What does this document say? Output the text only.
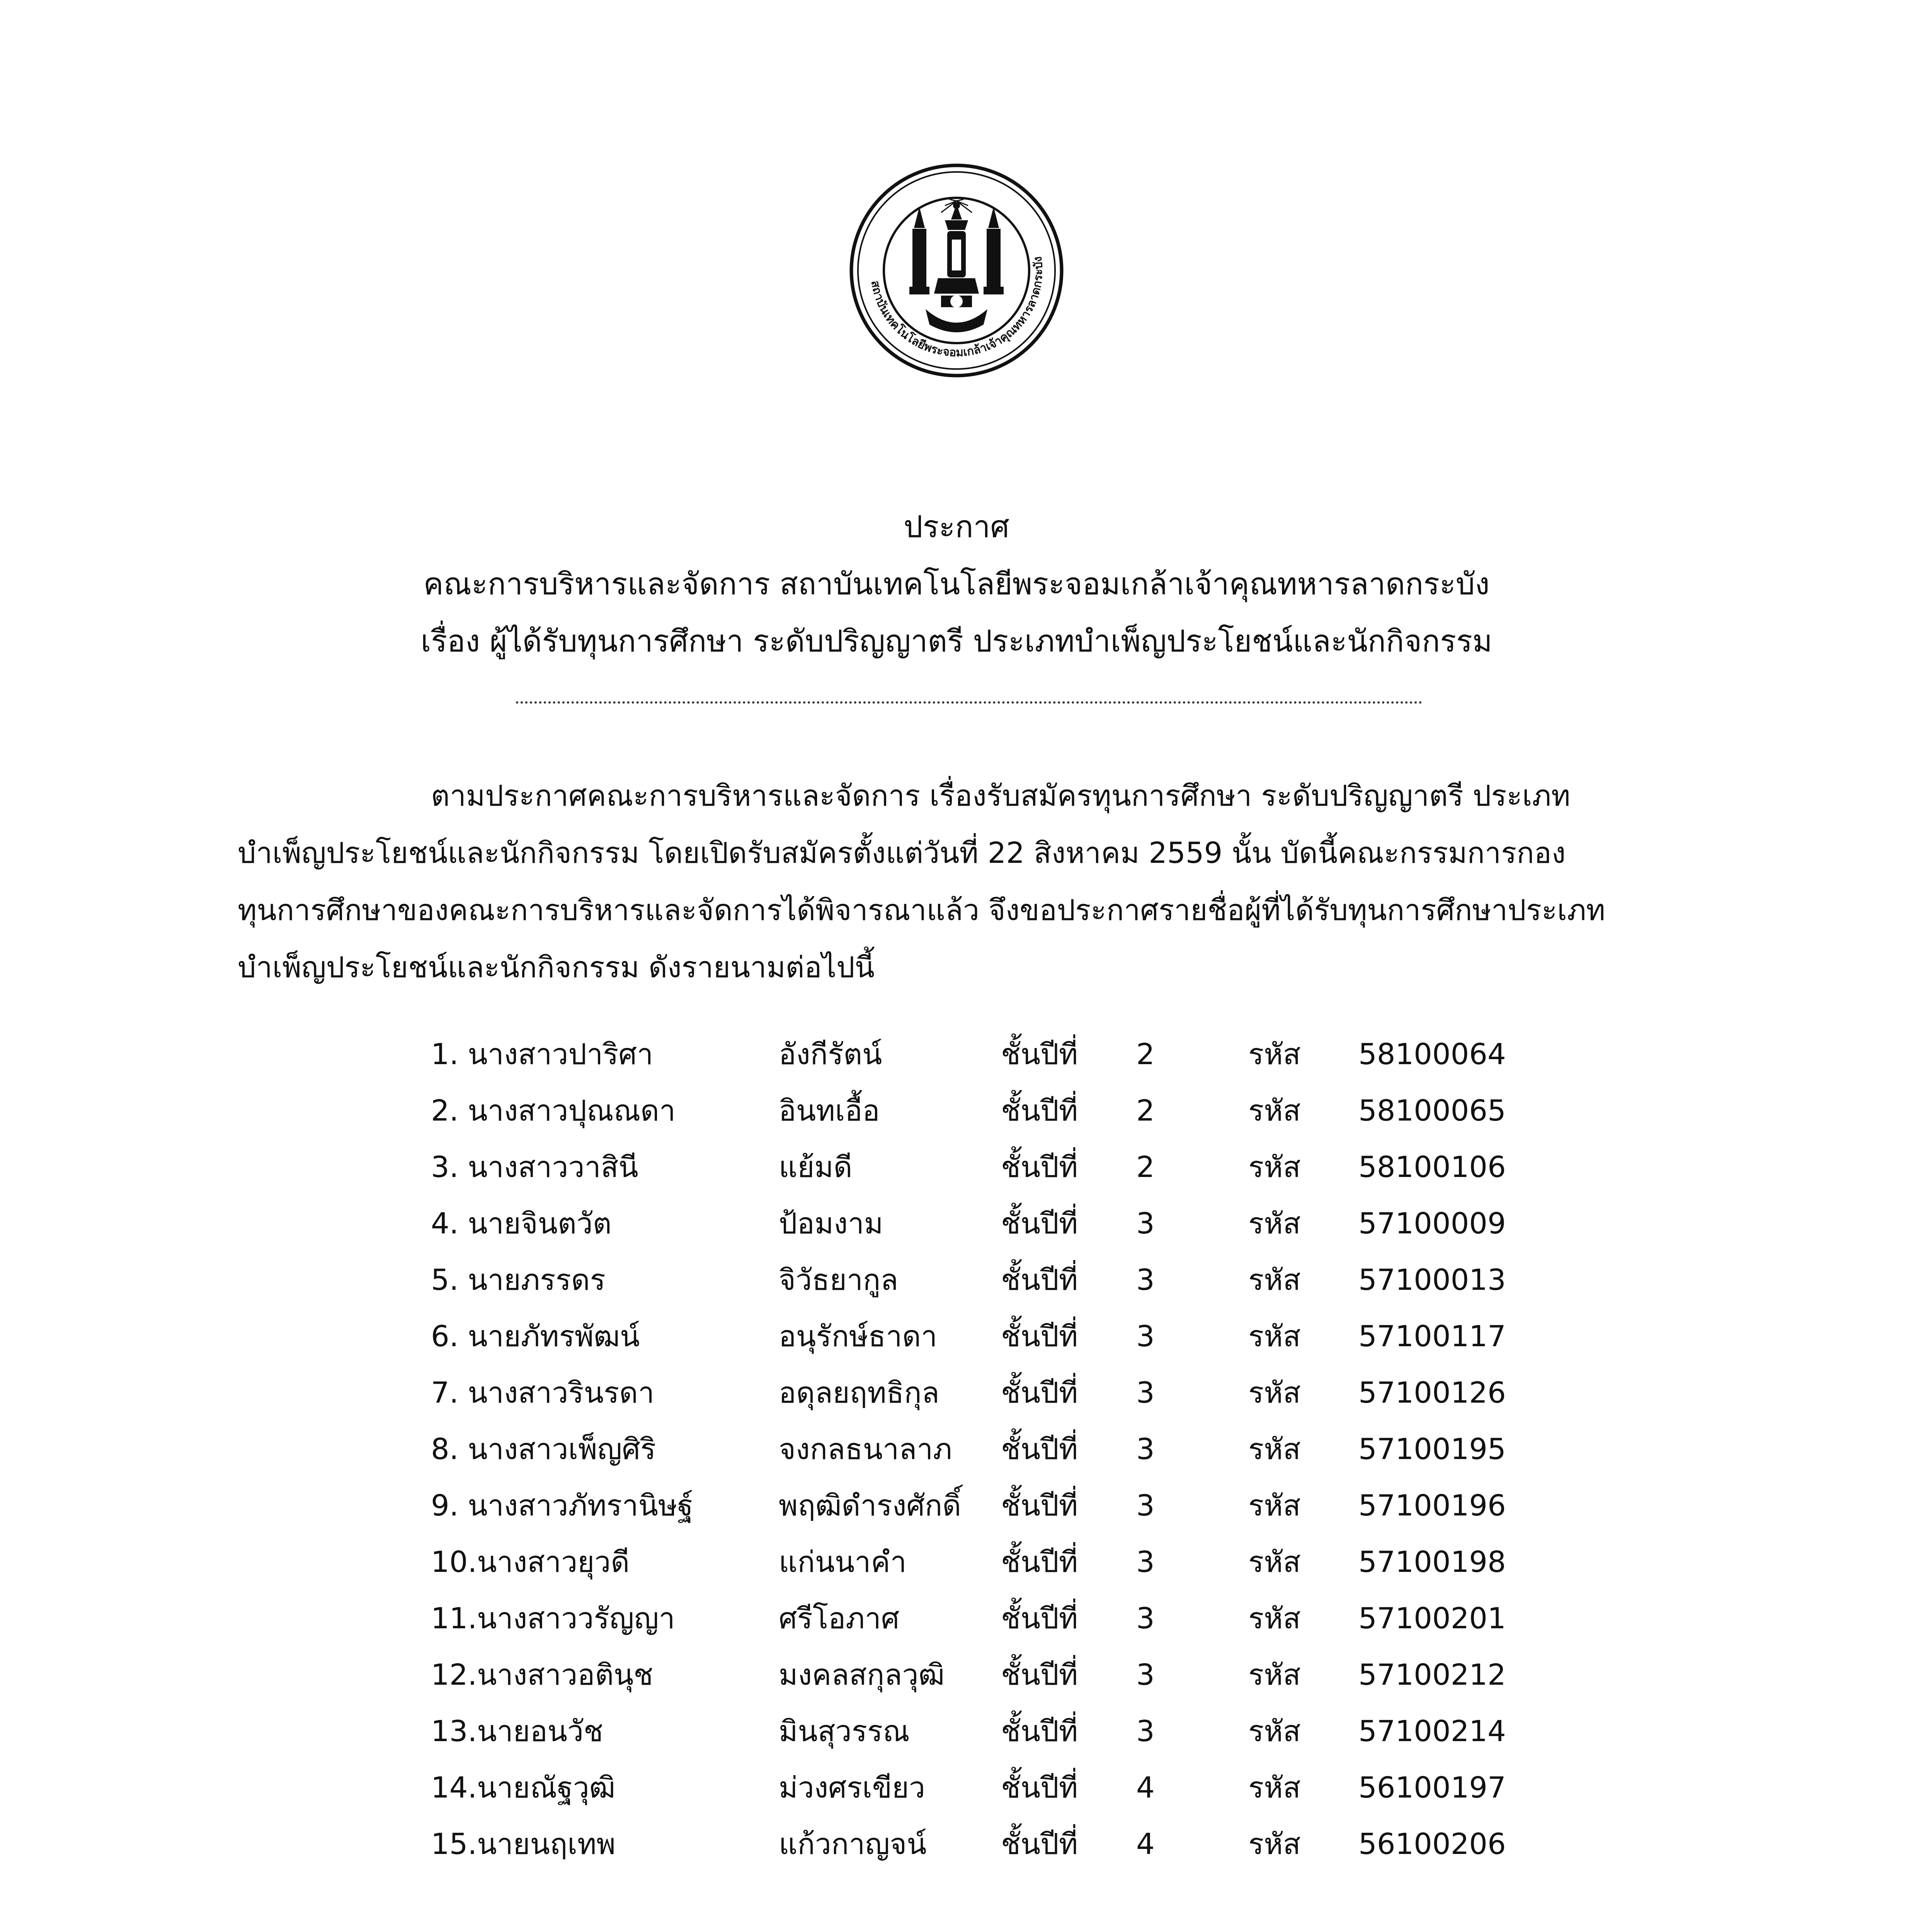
สถาบันเทคโนโลยีพระจอมเกล้าเจ้าคุณทหารลาดกระบัง
ประกาศ
คณะการบริหารและจัดการ สถาบันเทคโนโลยีพระจอมเกล้าเจ้าคุณทหารลาดกระบัง
เรื่อง ผู้ได้รับทุนการศึกษา ระดับปริญญาตรี ประเภทบำเพ็ญประโยชน์และนักกิจกรรม
ตามประกาศคณะการบริหารและจัดการ เรื่องรับสมัครทุนการศึกษา ระดับปริญญาตรี ประเภท
บำเพ็ญประโยชน์และนักกิจกรรม โดยเปิดรับสมัครตั้งแต่วันที่ 22 สิงหาคม 2559 นั้น บัดนี้คณะกรรมการกอง
ทุนการศึกษาของคณะการบริหารและจัดการได้พิจารณาแล้ว จึงขอประกาศรายชื่อผู้ที่ได้รับทุนการศึกษาประเภท
บำเพ็ญประโยชน์และนักกิจกรรม ดังรายนามต่อไปนี้
1. นางสาวปาริศา	อังกีรัตน์	ชั้นปีที่ 2	รหัส 58100064
2. นางสาวปุณณดา	อินทเอื้อ	ชั้นปีที่ 2	รหัส 58100065
3. นางสาววาสินี	แย้มดี	ชั้นปีที่ 2	รหัส 58100106
4. นายจินตวัต	ป้อมงาม	ชั้นปีที่ 3	รหัส 57100009
5. นายภรรดร	จิวัธยากูล	ชั้นปีที่ 3	รหัส 57100013
6. นายภัทรพัฒน์	อนุรักษ์ธาดา ชั้นปีที่ 3	รหัส 57100117
7. นางสาวรินรดา	อดุลยฤทธิกุล ชั้นปีที่ 3	รหัส 57100126
8. นางสาวเพ็ญศิริ	จงกลธนาลาภ ชั้นปีที่ 3	รหัส 57100195
9. นางสาวภัทรานิษฐ์	พฤฒิดำรงศักดิ์ ชั้นปีที่ 3	รหัส 57100196
10.นางสาวยุวดี	แก่นนาคำ	ชั้นปีที่ 3	รหัส 57100198
11.นางสาววรัญญา	ศรีโอภาศ	ชั้นปีที่ 3	รหัส 57100201
12.นางสาวอตินุช	มงคลสกุลวุฒิ ชั้นปีที่ 3	รหัส 57100212
13.นายอนวัช	มินสุวรรณ	ชั้นปีที่ 3	รหัส 57100214
14.นายณัฐวุฒิ	ม่วงศรเขียว	ชั้นปีที่ 4	รหัส 56100197
15.นายนฤเทพ	แก้วกาญจน์	ชั้นปีที่ 4	รหัส 56100206
